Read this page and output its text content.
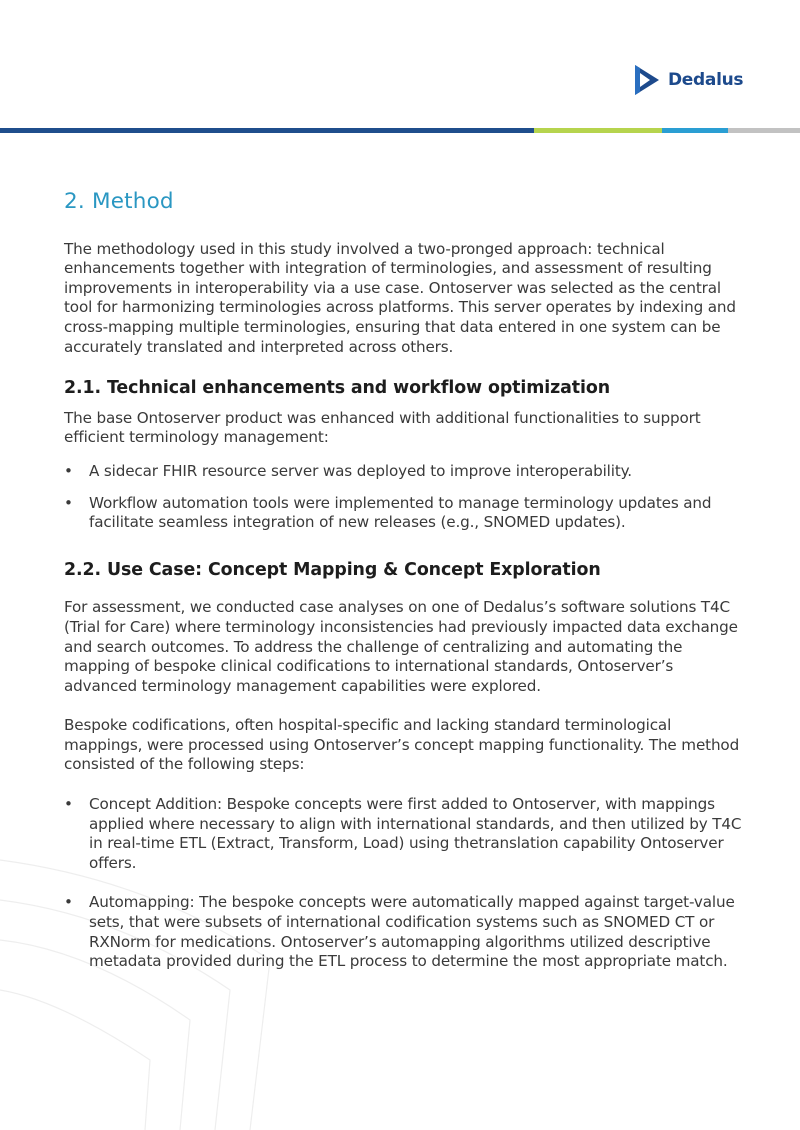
Dedalus
2. Method

The methodology used in this study involved a two-pronged approach: technical enhancements together with integration of terminologies, and assessment of resulting improvements in interoperability via a use case. Ontoserver was selected as the central tool for harmonizing terminologies across platforms. This server operates by indexing and cross-mapping multiple terminologies, ensuring that data entered in one system can be accurately translated and interpreted across others.

2.1. Technical enhancements and workflow optimization

The base Ontoserver product was enhanced with additional functionalities to support efficient terminology management:

• A sidecar FHIR resource server was deployed to improve interoperability.
• Workflow automation tools were implemented to manage terminology updates and facilitate seamless integration of new releases (e.g., SNOMED updates).
2.2. Use Case: Concept Mapping & Concept Exploration

For assessment, we conducted case analyses on one of Dedalus’s software solutions T4C (Trial for Care) where terminology inconsistencies had previously impacted data exchange and search outcomes. To address the challenge of centralizing and automating the mapping of bespoke clinical codifications to international standards, Ontoserver’s advanced terminology management capabilities were explored.

Bespoke codifications, often hospital-specific and lacking standard terminological mappings, were processed using Ontoserver’s concept mapping functionality. The method consisted of the following steps:

• Concept Addition: Bespoke concepts were first added to Ontoserver, with mappings applied where necessary to align with international standards, and then utilized by T4C in real-time ETL (Extract, Transform, Load) using thetranslation capability Ontoserver offers.
• Automapping: The bespoke concepts were automatically mapped against target-value sets, that were subsets of international codification systems such as SNOMED CT or RXNorm for medications. Ontoserver’s automapping algorithms utilized descriptive metadata provided during the ETL process to determine the most appropriate match.
